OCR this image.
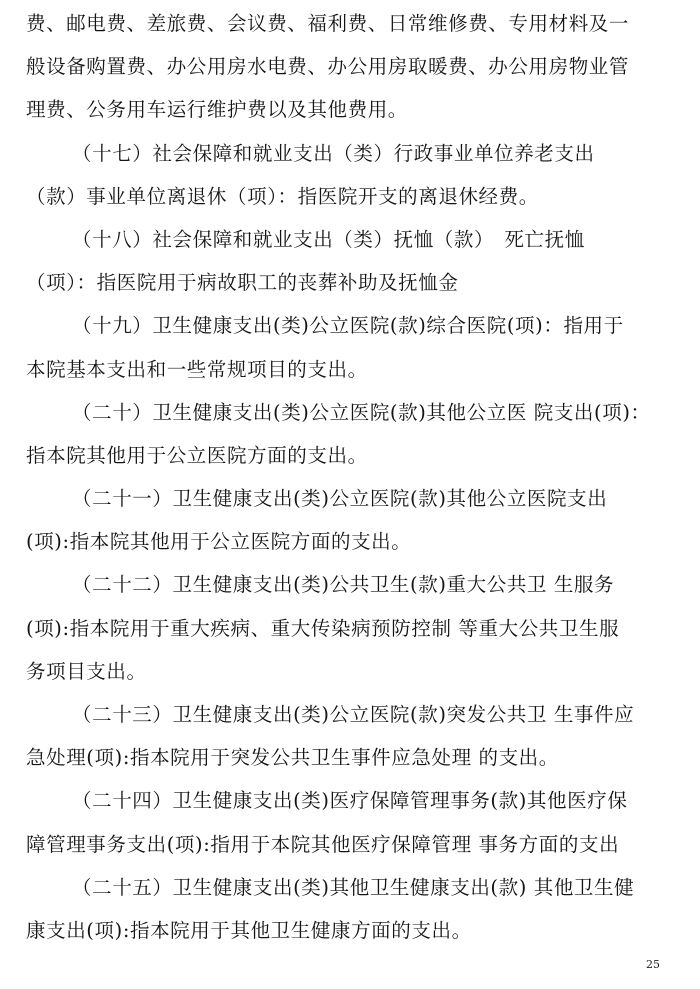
费、邮电费、差旅费、会议费、福利费、日常维修费、专用材料及一
般设备购置费、办公用房水电费、办公用房取暖费、办公用房物业管
理费、公务用车运行维护费以及其他费用。
（十七）社会保障和就业支出（类）行政事业单位养老支出
（款）事业单位离退休（项）：指医院开支的离退休经费。
（十八）社会保障和就业支出（类）抚恤（款）　死亡抚恤
（项）：指医院用于病故职工的丧葬补助及抚恤金
（十九）卫生健康支出(类)公立医院(款)综合医院(项)：指用于
本院基本支出和一些常规项目的支出。
（二十）卫生健康支出(类)公立医院(款)其他公立医 院支出(项)：
指本院其他用于公立医院方面的支出。
（二十一）卫生健康支出(类)公立医院(款)其他公立医院支出
(项):指本院其他用于公立医院方面的支出。
（二十二）卫生健康支出(类)公共卫生(款)重大公共卫 生服务
(项):指本院用于重大疾病、重大传染病预防控制 等重大公共卫生服
务项目支出。
（二十三）卫生健康支出(类)公立医院(款)突发公共卫 生事件应
急处理(项):指本院用于突发公共卫生事件应急处理 的支出。
（二十四）卫生健康支出(类)医疗保障管理事务(款)其他医疗保
障管理事务支出(项):指用于本院其他医疗保障管理 事务方面的支出
（二十五）卫生健康支出(类)其他卫生健康支出(款) 其他卫生健
康支出(项):指本院用于其他卫生健康方面的支出。
25
